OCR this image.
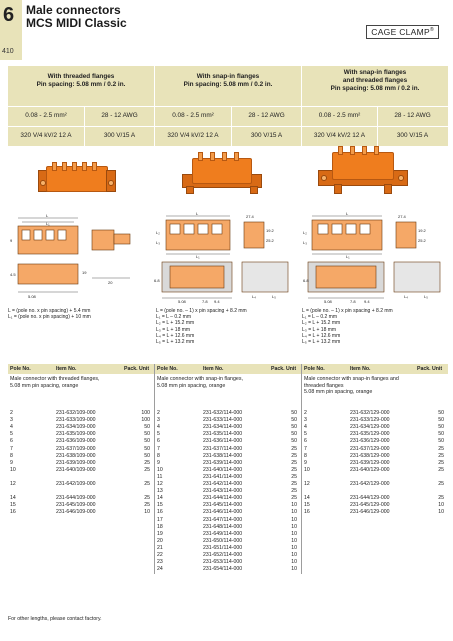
6
410
Male connectors
MCS MIDI Classic
CAGE CLAMP®
With threaded flanges
Pin spacing: 5.08 mm / 0.2 in.
0.08 - 2.5 mm²	28 - 12 AWG
320 V/4 kV/2 12 A	300 V/15 A
With snap-in flanges
Pin spacing: 5.08 mm / 0.2 in.
0.08 - 2.5 mm²	28 - 12 AWG
320 V/4 kV/2 12 A	300 V/15 A
With snap-in flanges
and threaded flanges
Pin spacing: 5.08 mm / 0.2 in.
0.08 - 2.5 mm²	28 - 12 AWG
320 V/4 kV/2 12 A	300 V/15 A
L
L₁
5.08
9
19
4.5
20
L
L₁
L₂
L₃
27.4
19.2
25.2
5.08
L₄	L₅
7.8 9.4
6.8
L
L₁
L₂
L₃
27.4
19.2
25.2
5.08
L₄	L₅
7.8 9.4
6.8
L = (pole no. x pin spacing) + 5.4 mm
L₁ = (pole no. x pin spacing) + 10 mm
L = (pole no. – 1) x pin spacing + 8.2 mm
L₁ = L – 0.2 mm
L₂ = L + 15.2 mm
L₃ = L + 18 mm
L₄ = L + 12.6 mm
L₅ = L + 13.2 mm
L = (pole no. – 1) x pin spacing + 8.2 mm
L₁ = L – 0.2 mm
L₂ = L + 15.2 mm
L₃ = L + 18 mm
L₄ = L + 12.6 mm
L₅ = L + 13.2 mm
Pole No.	Item No.	Pack. Unit Pole No.	Item No.	Pack. Unit Pole No.	Item No.	Pack. Unit
Male connector with threaded flanges,
5.08 mm pin spacing, orange
Male connector with snap-in flanges,
5.08 mm pin spacing, orange
Male connector with snap-in flanges and
threaded flanges
5.08 mm pin spacing, orange
2	231-632/109-000	100 2	231-632/114-000	50 2	231-632/129-000	50
3	231-633/109-000	100 3	231-633/114-000	50 3	231-633/129-000	50
4	231-634/109-000	50 4	231-634/114-000	50 4	231-634/129-000	50
5	231-635/109-000	50 5	231-635/114-000	50 5	231-635/129-000	50
6	231-636/109-000	50 6	231-636/114-000	50 6	231-636/129-000	50
7	231-637/109-000	50 7	231-637/114-000	25 7	231-637/129-000	25
8	231-638/109-000	50 8	231-638/114-000	25 8	231-638/129-000	25
9	231-639/109-000	25 9	231-639/114-000	25 9	231-639/129-000	25
10	231-640/109-000	25 10	231-640/114-000	25 10	231-640/129-000	25
11	231-641/114-000	25
12	231-642/109-000	25 12	231-642/114-000	25 12	231-642/129-000	25
13	231-643/114-000	25
14	231-644/109-000	25 14	231-644/114-000	25 14	231-644/129-000	25
15	231-645/109-000	25 15	231-645/114-000	10 15	231-645/129-000	10
16	231-646/109-000	10 16	231-646/114-000	10 16	231-646/129-000	10
17	231-647/114-000	10
18	231-648/114-000	10
19	231-649/114-000	10
20	231-650/114-000	10
21	231-651/114-000	10
22	231-652/114-000	10
23	231-653/114-000	10
24	231-654/114-000	10
For other lengths, please contact factory.
